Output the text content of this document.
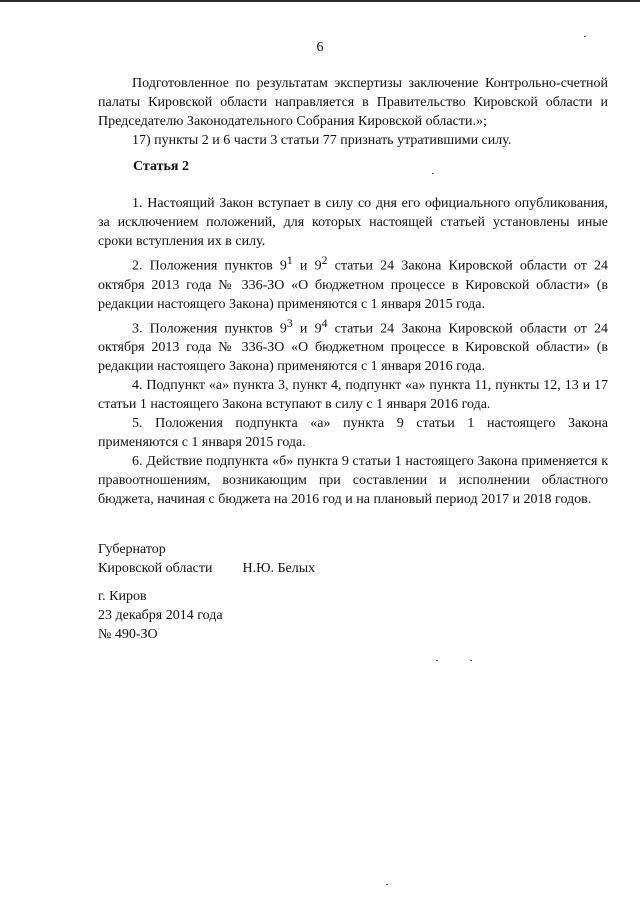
6

Подготовленное по результатам экспертизы заключение Контрольно-счетной палаты Кировской области направляется в Правительство Кировской области и Председателю Законодательного Собрания Кировской области.»;

17) пункты 2 и 6 части 3 статьи 77 признать утратившими силу.

Статья 2

1. Настоящий Закон вступает в силу со дня его официального опубликования, за исключением положений, для которых настоящей статьей установлены иные сроки вступления их в силу.

2. Положения пунктов $9^1$ и $9^2$ статьи 24 Закона Кировской области от 24 октября 2013 года № 336-ЗО «О бюджетном процессе в Кировской области» (в редакции настоящего Закона) применяются с 1 января 2015 года.

3. Положения пунктов $9^3$ и $9^4$ статьи 24 Закона Кировской области от 24 октября 2013 года № 336-ЗО «О бюджетном процессе в Кировской области» (в редакции настоящего Закона) применяются с 1 января 2016 года.

4. Подпункт «а» пункта 3, пункт 4, подпункт «а» пункта 11, пункты 12, 13 и 17 статьи 1 настоящего Закона вступают в силу с 1 января 2016 года.

5. Положения подпункта «а» пункта 9 статьи 1 настоящего Закона применяются с 1 января 2015 года.

6. Действие подпункта «б» пункта 9 статьи 1 настоящего Закона применяется к правоотношениям, возникающим при составлении и исполнении областного бюджета, начиная с бюджета на 2016 год и на плановый период 2017 и 2018 годов.

Губернатор
Кировской области Н.Ю. Белых
г. Киров
23 декабря 2014 года
№ 490-ЗО
